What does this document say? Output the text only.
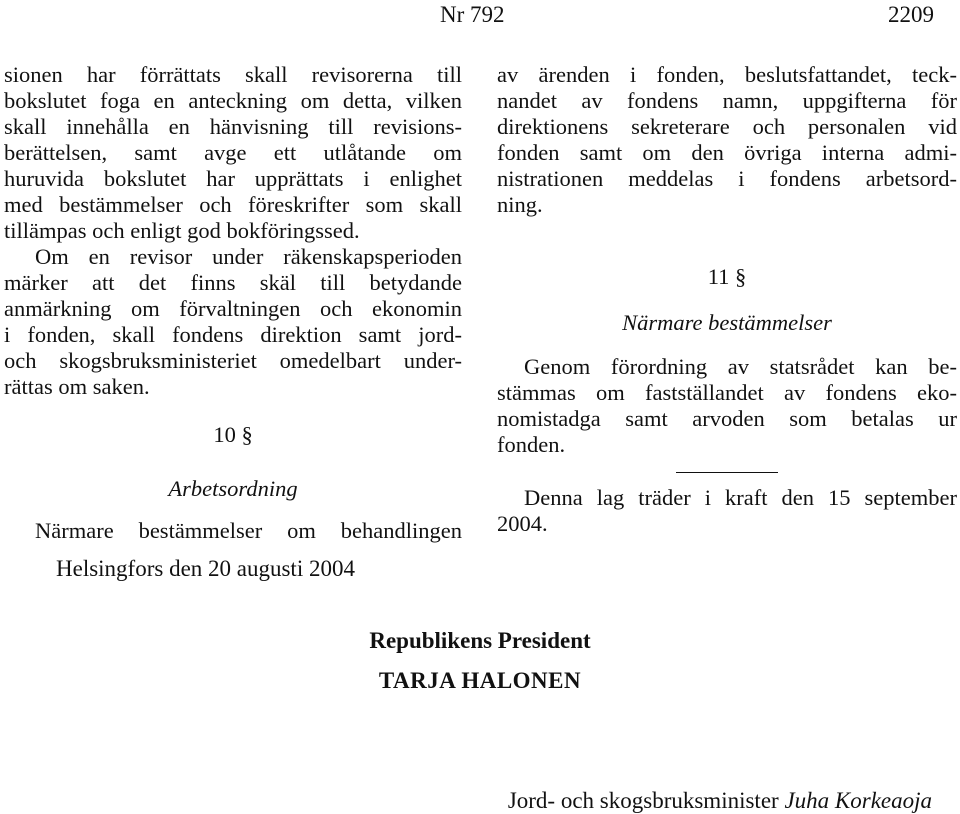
Nr 792	2209
sionen har förrättats skall revisorerna till
bokslutet foga en anteckning om detta, vilken
skall innehålla en hänvisning till revisions-
berättelsen, samt avge ett utlåtande om
huruvida bokslutet har upprättats i enlighet
med bestämmelser och föreskrifter som skall
tillämpas och enligt god bokföringssed.
Om en revisor under räkenskapsperioden
märker att det finns skäl till betydande
anmärkning om förvaltningen och ekonomin
i fonden, skall fondens direktion samt jord-
och skogsbruksministeriet omedelbart under-
rättas om saken.
10 §
Arbetsordning
Närmare bestämmelser om behandlingen
av ärenden i fonden, beslutsfattandet, teck-
nandet av fondens namn, uppgifterna för
direktionens sekreterare och personalen vid
fonden samt om den övriga interna admi-
nistrationen meddelas i fondens arbetsord-
ning.
11 §
Närmare bestämmelser
Genom förordning av statsrådet kan be-
stämmas om fastställandet av fondens eko-
nomistadga samt arvoden som betalas ur
fonden.
Denna lag träder i kraft den 15 september
2004.
Helsingfors den 20 augusti 2004
Republikens President
TARJA HALONEN
Jord- och skogsbruksminister Juha Korkeaoja
